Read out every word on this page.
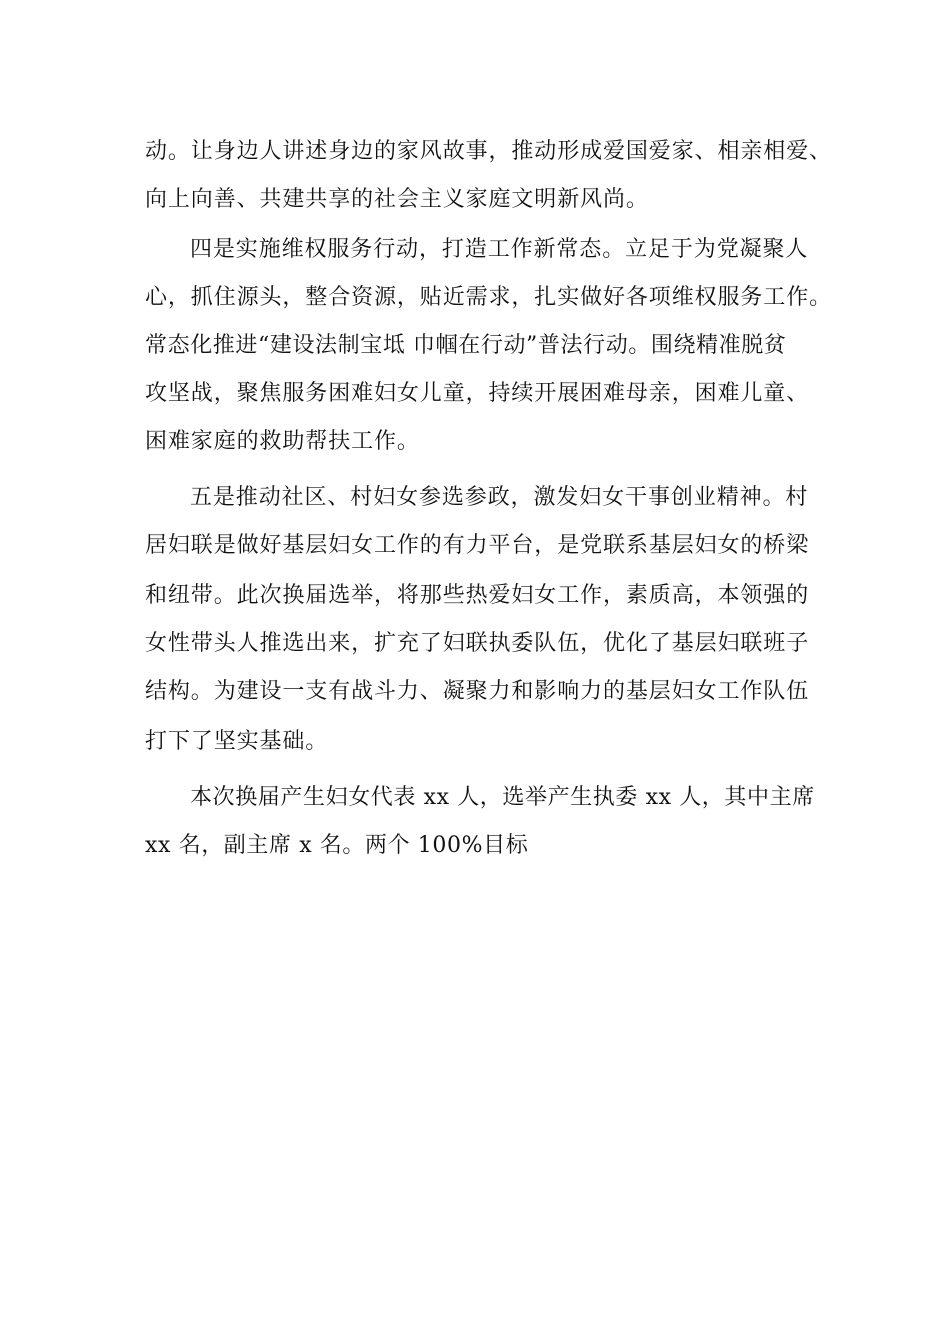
动。让身边人讲述身边的家风故事，推动形成爱国爱家、相亲相爱、
向上向善、共建共享的社会主义家庭文明新风尚。
四是实施维权服务行动，打造工作新常态。立足于为党凝聚人
心，抓住源头，整合资源，贴近需求，扎实做好各项维权服务工作。
常态化推进“建设法制宝坻 巾帼在行动”普法行动。围绕精准脱贫
攻坚战，聚焦服务困难妇女儿童，持续开展困难母亲，困难儿童、
困难家庭的救助帮扶工作。
五是推动社区、村妇女参选参政，激发妇女干事创业精神。村
居妇联是做好基层妇女工作的有力平台，是党联系基层妇女的桥梁
和纽带。此次换届选举，将那些热爱妇女工作，素质高，本领强的
女性带头人推选出来，扩充了妇联执委队伍，优化了基层妇联班子
结构。为建设一支有战斗力、凝聚力和影响力的基层妇女工作队伍
打下了坚实基础。
本次换届产生妇女代表 xx 人，选举产生执委 xx 人，其中主席
xx 名，副主席 x 名。两个 100%目标
